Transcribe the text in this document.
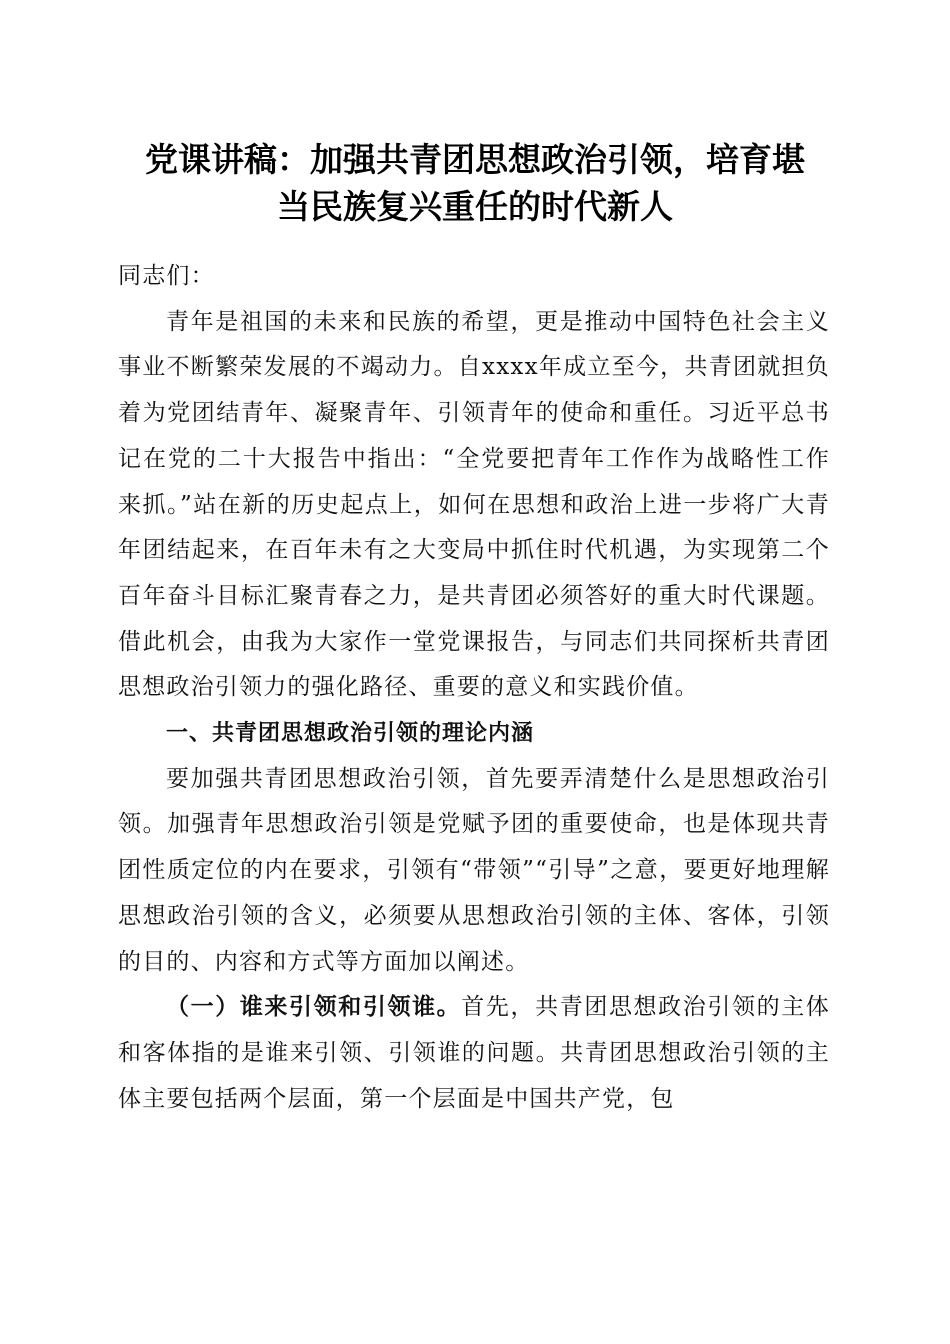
党课讲稿：加强共青团思想政治引领，培育堪
当民族复兴重任的时代新人

同志们：

青年是祖国的未来和民族的希望，更是推动中国特色社会主义事业不断繁荣发展的不竭动力。自xxxx年成立至今，共青团就担负着为党团结青年、凝聚青年、引领青年的使命和重任。习近平总书记在党的二十大报告中指出：“全党要把青年工作作为战略性工作来抓。”站在新的历史起点上，如何在思想和政治上进一步将广大青年团结起来，在百年未有之大变局中抓住时代机遇，为实现第二个百年奋斗目标汇聚青春之力，是共青团必须答好的重大时代课题。借此机会，由我为大家作一堂党课报告，与同志们共同探析共青团思想政治引领力的强化路径、重要的意义和实践价值。

一、共青团思想政治引领的理论内涵

要加强共青团思想政治引领，首先要弄清楚什么是思想政治引领。加强青年思想政治引领是党赋予团的重要使命，也是体现共青团性质定位的内在要求，引领有“带领”“引导”之意，要更好地理解思想政治引领的含义，必须要从思想政治引领的主体、客体，引领的目的、内容和方式等方面加以阐述。

（一）谁来引领和引领谁。首先，共青团思想政治引领的主体和客体指的是谁来引领、引领谁的问题。共青团思想政治引领的主体主要包括两个层面，第一个层面是中国共产党，包
